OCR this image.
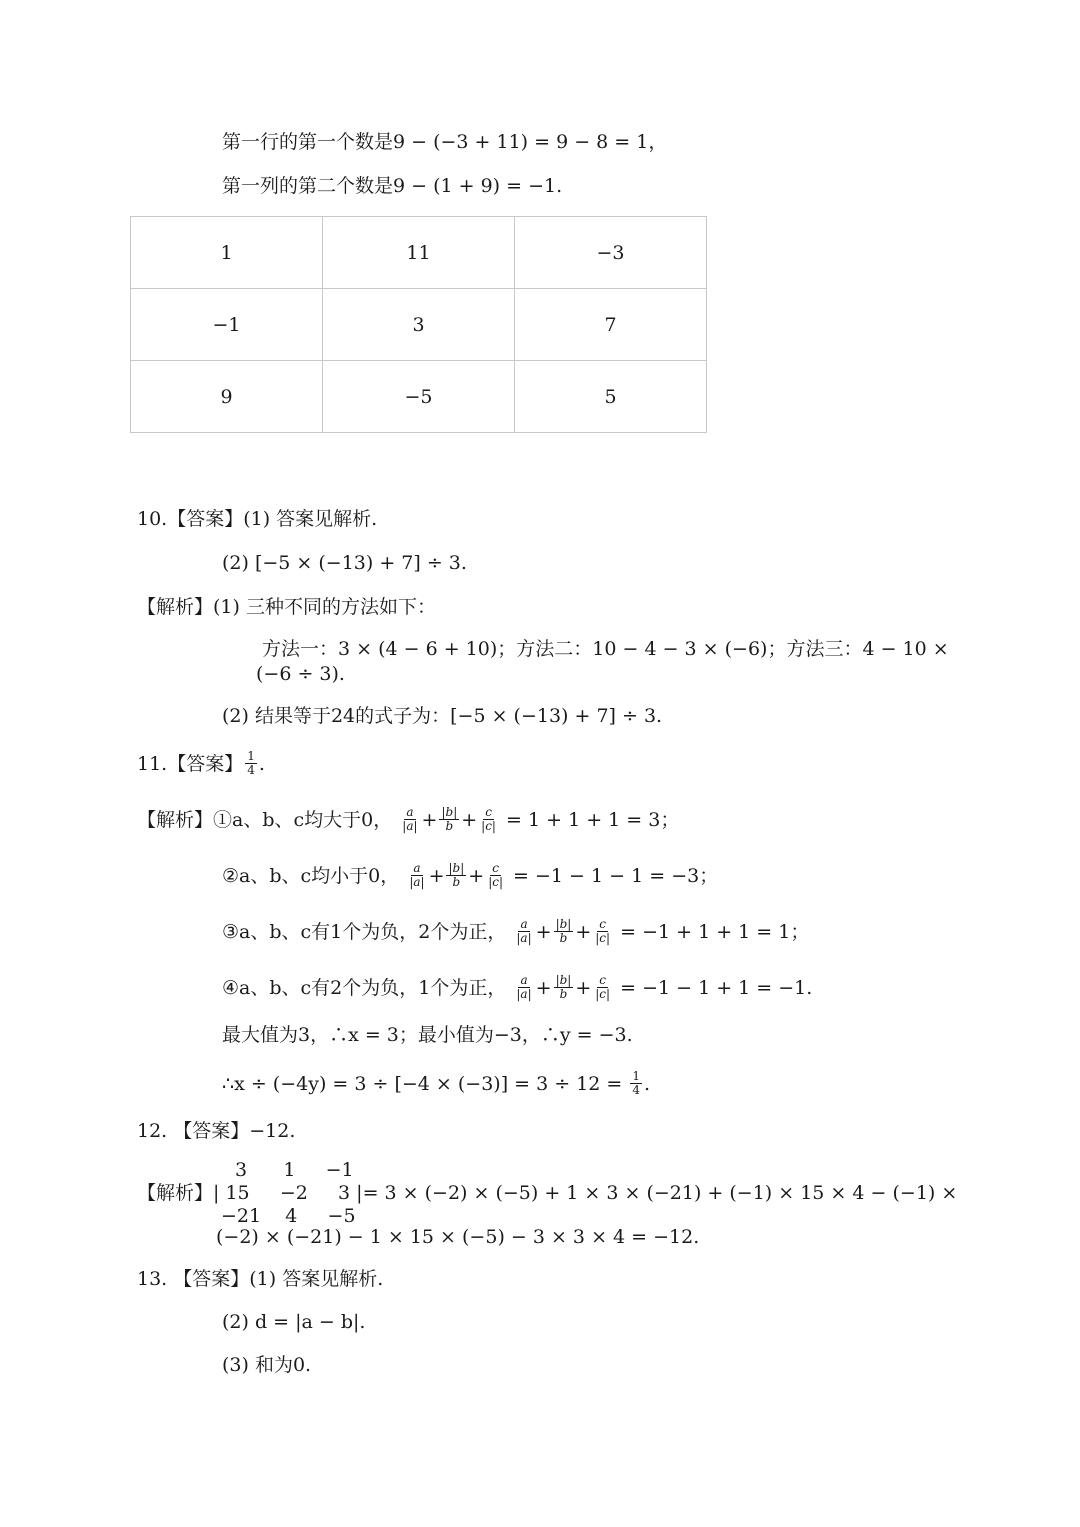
第一行的第一个数是9 − (−3 + 11) = 9 − 8 = 1，
第一列的第二个数是9 − (1 + 9) = −1.
1	11	−3
−1	3	7
9	−5	5
10.【答案】(1) 答案见解析.
(2) [−5 × (−13) + 7] ÷ 3.
【解析】(1) 三种不同的方法如下：
方法一：3 × (4 − 6 + 10)；方法二：10 − 4 − 3 × (−6)；方法三：4 − 10 ×
(−6 ÷ 3).
(2) 结果等于24的式子为：[−5 × (−13) + 7] ÷ 3.
11.【答案】 $\frac{1}{4}$ .
【解析】①a、b、c均大于0， $\frac{a}{|a|} + \frac{|b|}{b} + \frac{c}{|c|} = 1 + 1 + 1 = 3$；
②a、b、c均小于0， $\frac{a}{|a|} + \frac{|b|}{b} + \frac{c}{|c|} = -1 - 1 - 1 = -3$；
③a、b、c有1个为负，2个为正， $\frac{a}{|a|} + \frac{|b|}{b} + \frac{c}{|c|} = -1 + 1 + 1 = 1$；
④a、b、c有2个为负，1个为正， $\frac{a}{|a|} + \frac{|b|}{b} + \frac{c}{|c|} = -1 - 1 + 1 = -1$.
最大值为3，∴x = 3；最小值为−3，∴y = −3.
∴x ÷ $(-4y) = 3 \div [-4 \times (-3)] = 3 \div 12 = \frac{1}{4}$ .
12. 【答案】−12.
3      1     −1
【解析】| 15     −2     3 |= 3 × (−2) × (−5) + 1 × 3 × (−21) + (−1) × 15 × 4 − (−1) ×
−21    4     −5
(−2) × (−21) − 1 × 15 × (−5) − 3 × 3 × 4 = −12.
13. 【答案】(1) 答案见解析.
(2) d = |a − b|.
(3) 和为0.
